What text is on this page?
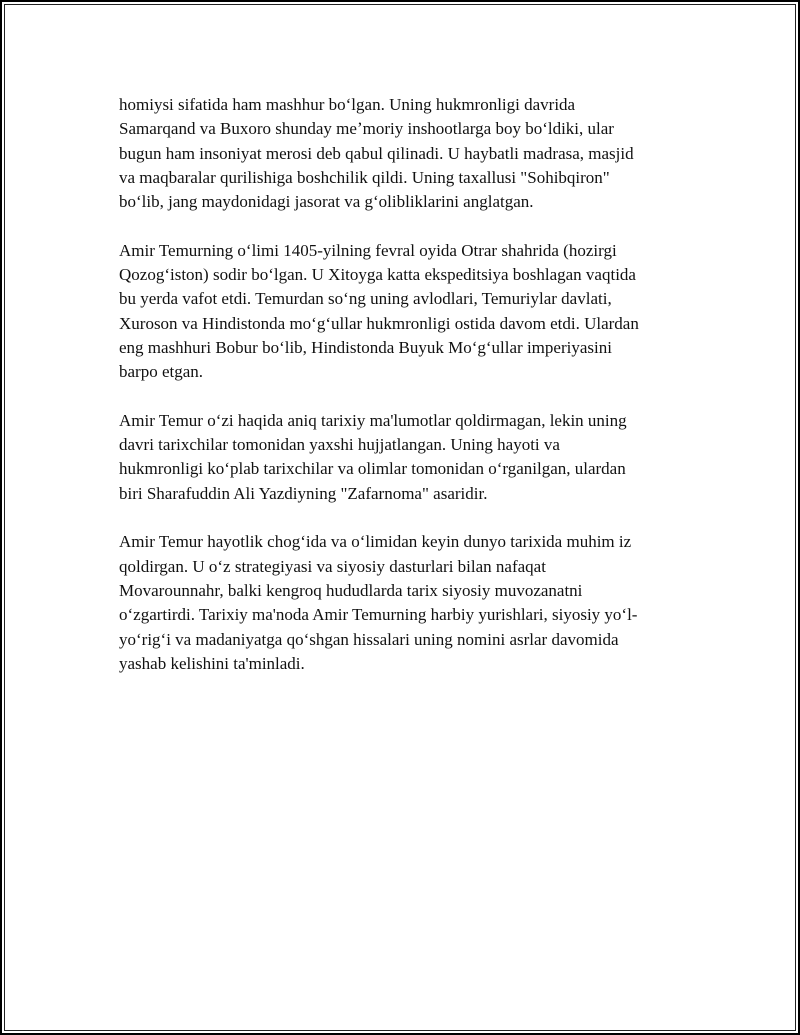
homiysi sifatida ham mashhur boʻlgan. Uning hukmronligi davrida
Samarqand va Buxoro shunday meʼmoriy inshootlarga boy boʻldiki, ular
bugun ham insoniyat merosi deb qabul qilinadi. U haybatli madrasa, masjid
va maqbaralar qurilishiga boshchilik qildi. Uning taxallusi "Sohibqiron"
boʻlib, jang maydonidagi jasorat va gʻolibliklarini anglatgan.

Amir Temurning oʻlimi 1405-yilning fevral oyida Otrar shahrida (hozirgi
Qozogʻiston) sodir boʻlgan. U Xitoyga katta ekspeditsiya boshlagan vaqtida
bu yerda vafot etdi. Temurdan soʻng uning avlodlari, Temuriylar davlati,
Xuroson va Hindistonda moʻgʻullar hukmronligi ostida davom etdi. Ulardan
eng mashhuri Bobur boʻlib, Hindistonda Buyuk Moʻgʻullar imperiyasini
barpo etgan.

Amir Temur oʻzi haqida aniq tarixiy ma'lumotlar qoldirmagan, lekin uning
davri tarixchilar tomonidan yaxshi hujjatlangan. Uning hayoti va
hukmronligi koʻplab tarixchilar va olimlar tomonidan oʻrganilgan, ulardan
biri Sharafuddin Ali Yazdiyning "Zafarnoma" asaridir.

Amir Temur hayotlik chogʻida va oʻlimidan keyin dunyo tarixida muhim iz
qoldirgan. U oʻz strategiyasi va siyosiy dasturlari bilan nafaqat
Movarounnahr, balki kengroq hududlarda tarix siyosiy muvozanatni
oʻzgartirdi. Tarixiy ma'noda Amir Temurning harbiy yurishlari, siyosiy yoʻl-
yoʻrigʻi va madaniyatga qoʻshgan hissalari uning nomini asrlar davomida
yashab kelishini ta'minladi.
